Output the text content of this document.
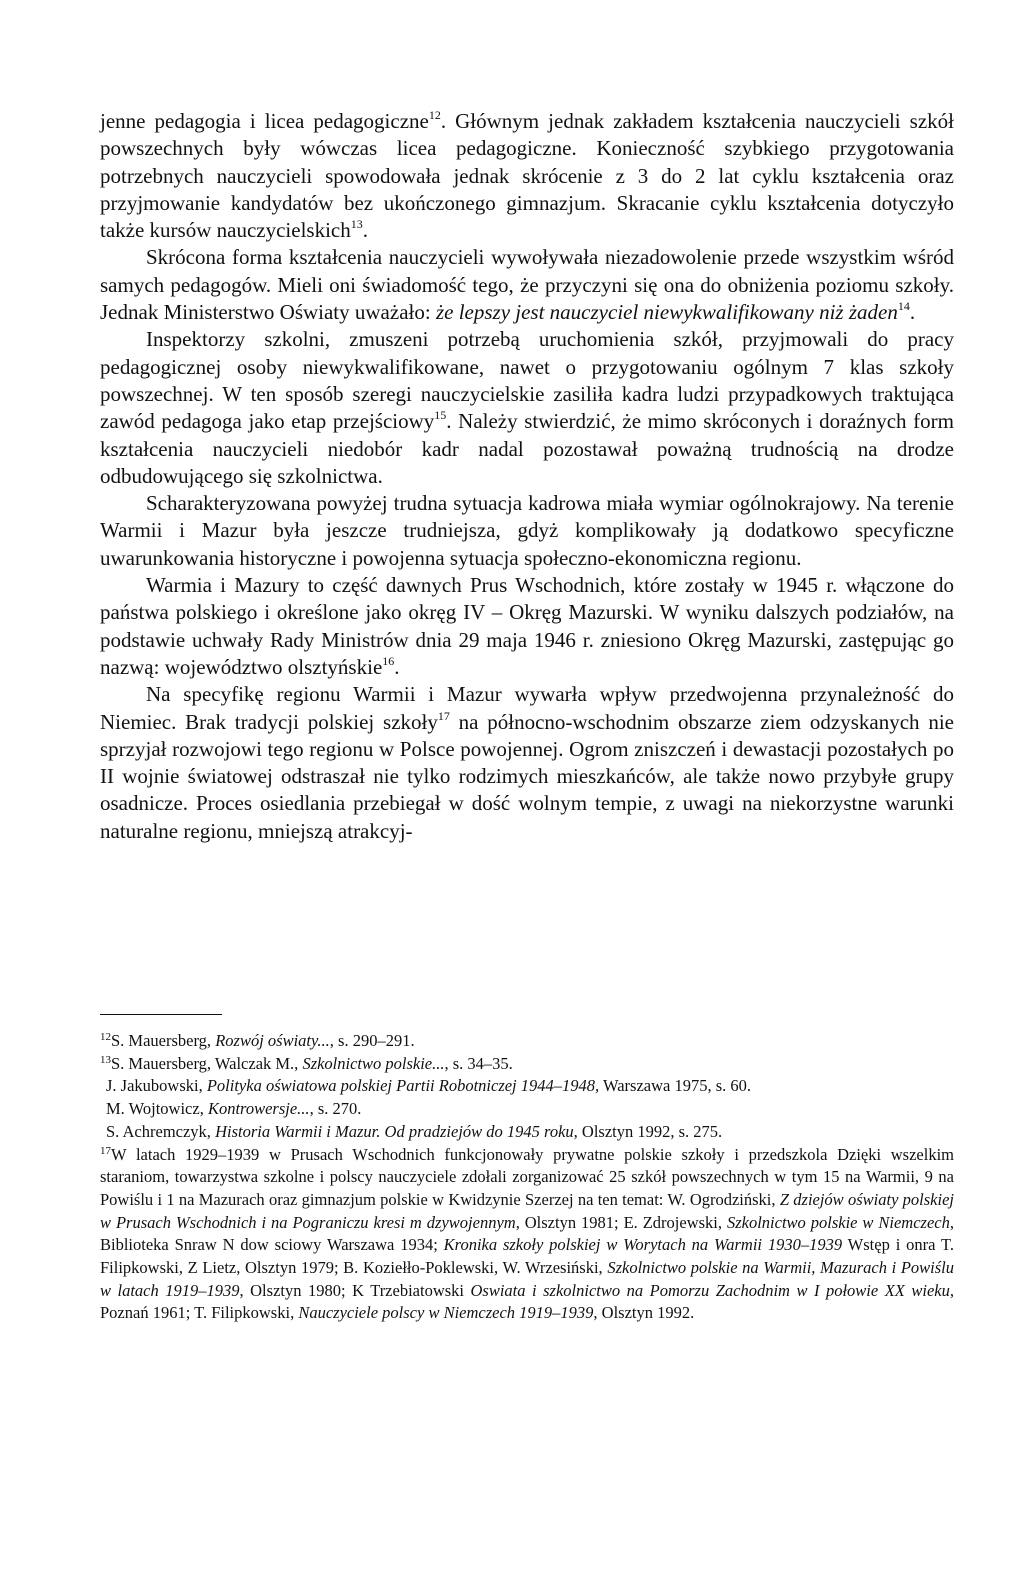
jenne pedagogia i licea pedagogiczne$^{12}$. Głównym jednak zakładem kształcenia nauczycieli szkół powszechnych były wówczas licea pedagogiczne. Konieczność szybkiego przygotowania potrzebnych nauczycieli spowodowała jednak skrócenie z 3 do 2 lat cyklu kształcenia oraz przyjmowanie kandydatów bez ukończonego gimnazjum. Skracanie cyklu kształcenia dotyczyło także kursów nauczycielskich$^{13}$.

Skrócona forma kształcenia nauczycieli wywoływała niezadowolenie przede wszystkim wśród samych pedagogów. Mieli oni świadomość tego, że przyczyni się ona do obniżenia poziomu szkoły. Jednak Ministerstwo Oświaty uważało: że lepszy jest nauczyciel niewykwalifikowany niż żaden$^{14}$.

Inspektorzy szkolni, zmuszeni potrzebą uruchomienia szkół, przyjmowali do pracy pedagogicznej osoby niewykwalifikowane, nawet o przygotowaniu ogólnym 7 klas szkoły powszechnej. W ten sposób szeregi nauczycielskie zasiliła kadra ludzi przypadkowych traktująca zawód pedagoga jako etap przejściowy$^{15}$. Należy stwierdzić, że mimo skróconych i doraźnych form kształcenia nauczycieli niedobór kadr nadal pozostawał poważną trudnością na drodze odbudowującego się szkolnictwa.

Scharakteryzowana powyżej trudna sytuacja kadrowa miała wymiar ogólnokrajowy. Na terenie Warmii i Mazur była jeszcze trudniejsza, gdyż komplikowały ją dodatkowo specyficzne uwarunkowania historyczne i powojenna sytuacja społeczno-ekonomiczna regionu.

Warmia i Mazury to część dawnych Prus Wschodnich, które zostały w 1945 r. włączone do państwa polskiego i określone jako okręg IV – Okręg Mazurski. W wyniku dalszych podziałów, na podstawie uchwały Rady Ministrów dnia 29 maja 1946 r. zniesiono Okręg Mazurski, zastępując go nazwą: województwo olsztyńskie$^{16}$.

Na specyfikę regionu Warmii i Mazur wywarła wpływ przedwojenna przynależność do Niemiec. Brak tradycji polskiej szkoły$^{17}$ na północno-wschodnim obszarze ziem odzyskanych nie sprzyjał rozwojowi tego regionu w Polsce powojennej. Ogrom zniszczeń i dewastacji pozostałych po II wojnie światowej odstraszał nie tylko rodzimych mieszkańców, ale także nowo przybyłe grupy osadnicze. Proces osiedlania przebiegał w dość wolnym tempie, z uwagi na niekorzystne warunki naturalne regionu, mniejszą atrakcyj-

$^{12}$S. Mauersberg, Rozwój oświaty..., s. 290–291.

$^{13}$S. Mauersberg, Walczak M., Szkolnictwo polskie..., s. 34–35.

J. Jakubowski, Polityka oświatowa polskiej Partii Robotniczej 1944–1948, Warszawa 1975, s. 60.

M. Wojtowicz, Kontrowersje..., s. 270.

S. Achremczyk, Historia Warmii i Mazur. Od pradziejów do 1945 roku, Olsztyn 1992, s. 275.

$^{17}$W latach 1929–1939 w Prusach Wschodnich funkcjonowały prywatne polskie szkoły i przedszkola Dzięki wszelkim staraniom, towarzystwa szkolne i polscy nauczyciele zdołali zorganizować 25 szkół powszechnych w tym 15 na Warmii, 9 na Powiślu i 1 na Mazurach oraz gimnazjum polskie w Kwidzynie Szerzej na ten temat: W. Ogrodziński, Z dziejów oświaty polskiej w Prusach Wschodnich i na Pograniczu kresi m dzywojennym, Olsztyn 1981; E. Zdrojewski, Szkolnictwo polskie w Niemczech, Biblioteka Snraw N dow sciowy Warszawa 1934; Kronika szkoły polskiej w Worytach na Warmii 1930–1939 Wstęp i onra T. Filipkowski, Z Lietz, Olsztyn 1979; B. Koziełło-Poklewski, W. Wrzesiński, Szkolnictwo polskie na Warmii, Mazurach i Powiślu w latach 1919–1939, Olsztyn 1980; K Trzebiatowski Oswiata i szkolnictwo na Pomorzu Zachodnim w I połowie XX wieku, Poznań 1961; T. Filipkowski, Nauczyciele polscy w Niemczech 1919–1939, Olsztyn 1992.
